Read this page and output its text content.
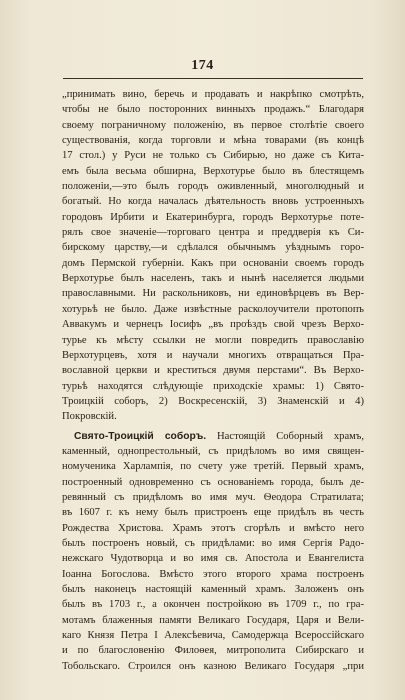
174
„принимать вино, беречь и продавать и накрѣпко смотрѣть,
чтобы не было посторонних винныхъ продажъ.“ Благодаря
своему пограничному положенію, въ первое столѣтіе своего
существованія, когда торговли и мѣна товарами (въ концѣ
17 стол.) у Руси не только съ Сибирью, но даже съ Кита-
емъ была весьма обширна, Верхотурье было въ блестящемъ
положеніи,—это былъ городъ оживленный, многолюдный и
богатый. Но когда началась дѣятельность вновь устроенныхъ
городовъ Ирбити и Екатеринбурга, городъ Верхотурье поте-
рялъ свое значеніе—торговаго центра и преддверія къ Си-
бирскому царству,—и сдѣлался обычнымъ уѣзднымъ горо-
домъ Пермской губерніи. Какъ при основаніи своемъ городъ
Верхотурье былъ населенъ, такъ и нынѣ населяется людьми
православными. Ни раскольниковъ, ни единовѣрцевъ въ Вер-
хотурьѣ не было. Даже извѣстные расколоучители протопопъ
Аввакумъ и чернецъ Іосифъ „въ проѣздъ свой чрезъ Верхо-
турье къ мѣсту ссылки не могли повредить православію
Верхотурцевъ, хотя и научали многихъ отвращаться Пра-
вославной церкви и креститься двумя перстами“. Въ Верхо-
турьѣ находятся слѣдующіе приходскіе храмы: 1) Свято-
Троицкій соборъ, 2) Воскресенскій, 3) Знаменскій и 4)
Покровскій.
Свято-Троицкій соборъ. Настоящій Соборный храмъ,
каменный, однопрестольный, съ придѣломъ во имя священ-
номученика Харлампія, по счету уже третій. Первый храмъ,
построенный одновременно съ основаніемъ города, былъ де-
ревянный съ придѣломъ во имя муч. Ѳеодора Стратилата;
въ 1607 г. къ нему былъ пристроенъ еще придѣлъ въ честь
Рождества Христова. Храмъ этотъ сгорѣлъ и вмѣсто него
былъ построенъ новый, съ придѣлами: во имя Сергія Радо-
нежскаго Чудотворца и во имя св. Апостола и Евангелиста
Іоанна Богослова. Вмѣсто этого второго храма построенъ
былъ наконецъ настоящій каменный храмъ. Заложенъ онъ
былъ въ 1703 г., а окончен постройкою въ 1709 г., по гра-
мотамъ блаженныя памяти Великаго Государя, Царя и Вели-
каго Князя Петра I Алексѣевича, Самодержца Всероссійскаго
и по благословенію Филоѳея, митрополита Сибирскаго и
Тобольскаго. Строился онъ казною Великаго Государя „при
